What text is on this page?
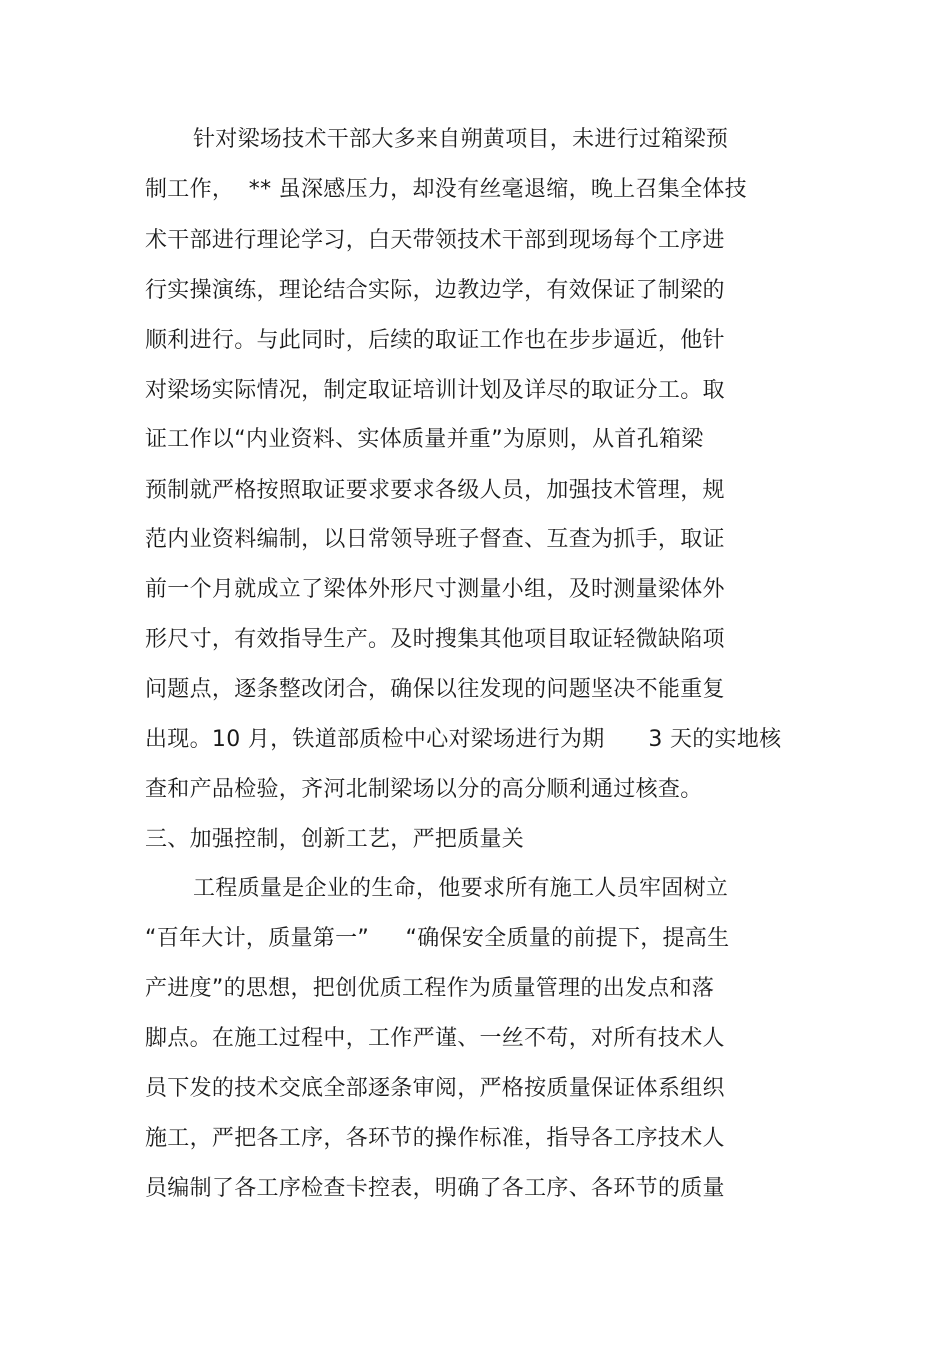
针对梁场技术干部大多来自朔黄项目，未进行过箱梁预
制工作，  ** 虽深感压力，却没有丝毫退缩，晚上召集全体技
术干部进行理论学习，白天带领技术干部到现场每个工序进
行实操演练，理论结合实际，边教边学，有效保证了制梁的
顺利进行。与此同时，后续的取证工作也在步步逼近，他针
对梁场实际情况，制定取证培训计划及详尽的取证分工。取
证工作以“内业资料、实体质量并重”为原则，从首孔箱梁
预制就严格按照取证要求要求各级人员，加强技术管理，规
范内业资料编制，以日常领导班子督查、互查为抓手，取证
前一个月就成立了梁体外形尺寸测量小组，及时测量梁体外
形尺寸，有效指导生产。及时搜集其他项目取证轻微缺陷项
问题点，逐条整改闭合，确保以往发现的问题坚决不能重复
出现。10 月，铁道部质检中心对梁场进行为期      3 天的实地核
查和产品检验，齐河北制梁场以分的高分顺利通过核查。
三、加强控制，创新工艺，严把质量关
工程质量是企业的生命，他要求所有施工人员牢固树立
“百年大计，质量第一”     “确保安全质量的前提下，提高生
产进度”的思想，把创优质工程作为质量管理的出发点和落
脚点。在施工过程中，工作严谨、一丝不苟，对所有技术人
员下发的技术交底全部逐条审阅，严格按质量保证体系组织
施工，严把各工序，各环节的操作标准，指导各工序技术人
员编制了各工序检查卡控表，明确了各工序、各环节的质量
